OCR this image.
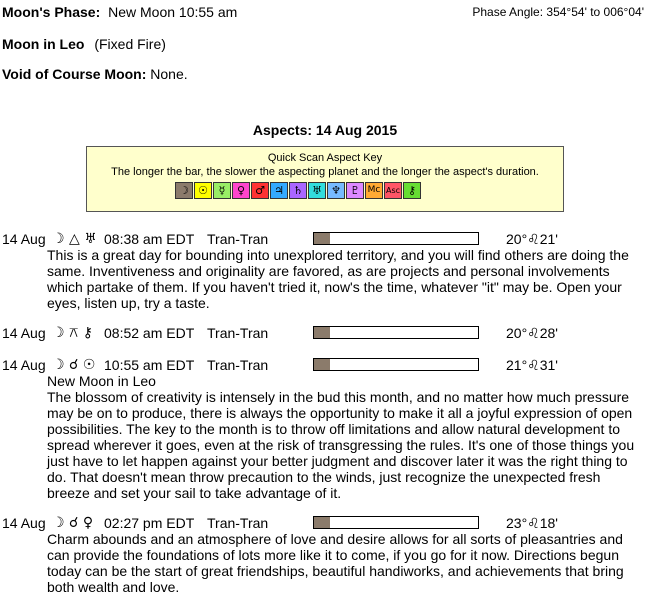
Moon's Phase: New Moon 10:55 am	Phase Angle: 354°54' to 006°04'
Moon in Leo (Fixed Fire)
Void of Course Moon: None.
Aspects: 14 Aug 2015
Quick Scan Aspect Key
The longer the bar, the slower the aspecting planet and the longer the aspect's duration.
☽ ☉ ☿	♀ ♂ ♃ ♄ ♅ ♆ ♇ Mc Asc ⚷
14 Aug ☽ △ ♅ 08:38 am EDT Tran-Tran	20°♌21'
This is a great day for bounding into unexplored territory, and you will find others are doing the same. Inventiveness and originality are favored, as are projects and personal involvements which partake of them. If you haven't tried it, now's the time, whatever "it" may be. Open your eyes, listen up, try a taste.
14 Aug ☽ ⚻ ⚷ 08:52 am EDT Tran-Tran	20°♌28'
14 Aug ☽ ☌ ☉ 10:55 am EDT Tran-Tran	21°♌31'
New Moon in Leo
The blossom of creativity is intensely in the bud this month, and no matter how much pressure may be on to produce, there is always the opportunity to make it all a joyful expression of open possibilities. The key to the month is to throw off limitations and allow natural development to spread wherever it goes, even at the risk of transgressing the rules. It's one of those things you just have to let happen against your better judgment and discover later it was the right thing to do. That doesn't mean throw precaution to the winds, just recognize the unexpected fresh breeze and set your sail to take advantage of it.
14 Aug ☽ ☌ ♀ 02:27 pm EDT Tran-Tran	23°♌18'
Charm abounds and an atmosphere of love and desire allows for all sorts of pleasantries and can provide the foundations of lots more like it to come, if you go for it now. Directions begun today can be the start of great friendships, beautiful handiworks, and achievements that bring both wealth and love.
